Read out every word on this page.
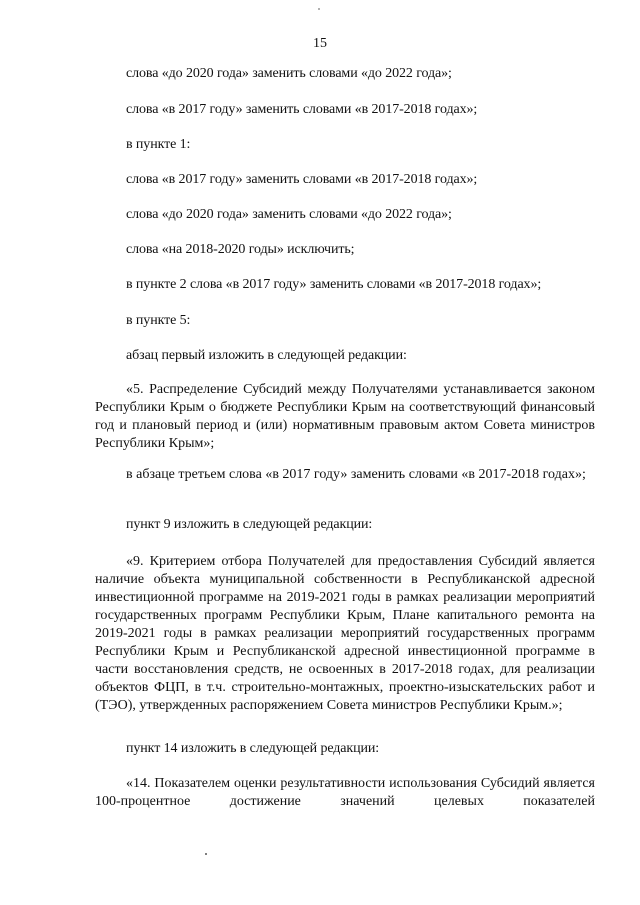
15
слова «до 2020 года» заменить словами «до 2022 года»;
слова «в 2017 году» заменить словами «в 2017-2018 годах»;
в пункте 1:
слова «в 2017 году» заменить словами «в 2017-2018 годах»;
слова «до 2020 года» заменить словами «до 2022 года»;
слова «на 2018-2020 годы» исключить;
в пункте 2 слова «в 2017 году» заменить словами «в 2017-2018 годах»;
в пункте 5:
абзац первый изложить в следующей редакции:
«5. Распределение Субсидий между Получателями устанавливается законом Республики Крым о бюджете Республики Крым на соответствующий финансовый год и плановый период и (или) нормативным правовым актом Совета министров Республики Крым»;
в абзаце третьем слова «в 2017 году» заменить словами «в 2017-2018 годах»;
пункт 9 изложить в следующей редакции:
«9. Критерием отбора Получателей для предоставления Субсидий является наличие объекта муниципальной собственности в Республиканской адресной инвестиционной программе на 2019-2021 годы в рамках реализации мероприятий государственных программ Республики Крым, Плане капитального ремонта на 2019-2021 годы в рамках реализации мероприятий государственных программ Республики Крым и Республиканской адресной инвестиционной программе в части восстановления средств, не освоенных в 2017-2018 годах, для реализации объектов ФЦП, в т.ч. строительно-монтажных, проектно-изыскательских работ и (ТЭО), утвержденных распоряжением Совета министров Республики Крым.»;
пункт 14 изложить в следующей редакции:
«14. Показателем оценки результативности использования Субсидий является 100-процентное достижение значений целевых показателей
